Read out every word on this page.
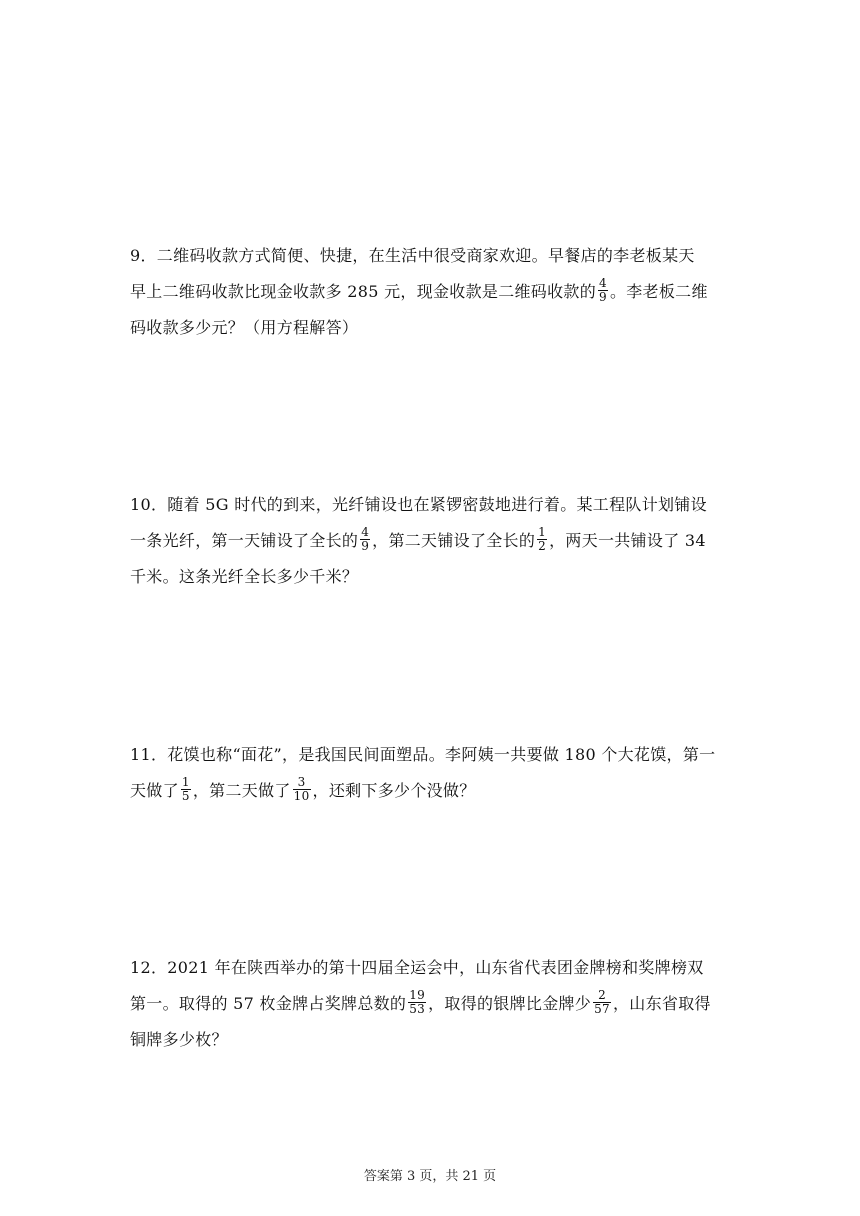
9．二维码收款方式简便、快捷，在生活中很受商家欢迎。早餐店的李老板某天
早上二维码收款比现金收款多 285 元，现金收款是二维码收款的 $\frac{4}{9}$ 。李老板二维
码收款多少元？（用方程解答）
10．随着 5G 时代的到来，光纤铺设也在紧锣密鼓地进行着。某工程队计划铺设
一条光纤，第一天铺设了全长的 $\frac{4}{9}$ ，第二天铺设了全长的 $\frac{1}{2}$ ，两天一共铺设了 34
千米。这条光纤全长多少千米？
11．花馍也称“面花”，是我国民间面塑品。李阿姨一共要做 180 个大花馍，第一
天做了 $\frac{1}{5}$ ，第二天做了 $\frac{3}{10}$ ，还剩下多少个没做？
12．2021 年在陕西举办的第十四届全运会中，山东省代表团金牌榜和奖牌榜双
第一。取得的 57 枚金牌占奖牌总数的 $\frac{19}{53}$ ，取得的银牌比金牌少 $\frac{2}{57}$ ，山东省取得
铜牌多少枚？
答案第 3 页，共 21 页
